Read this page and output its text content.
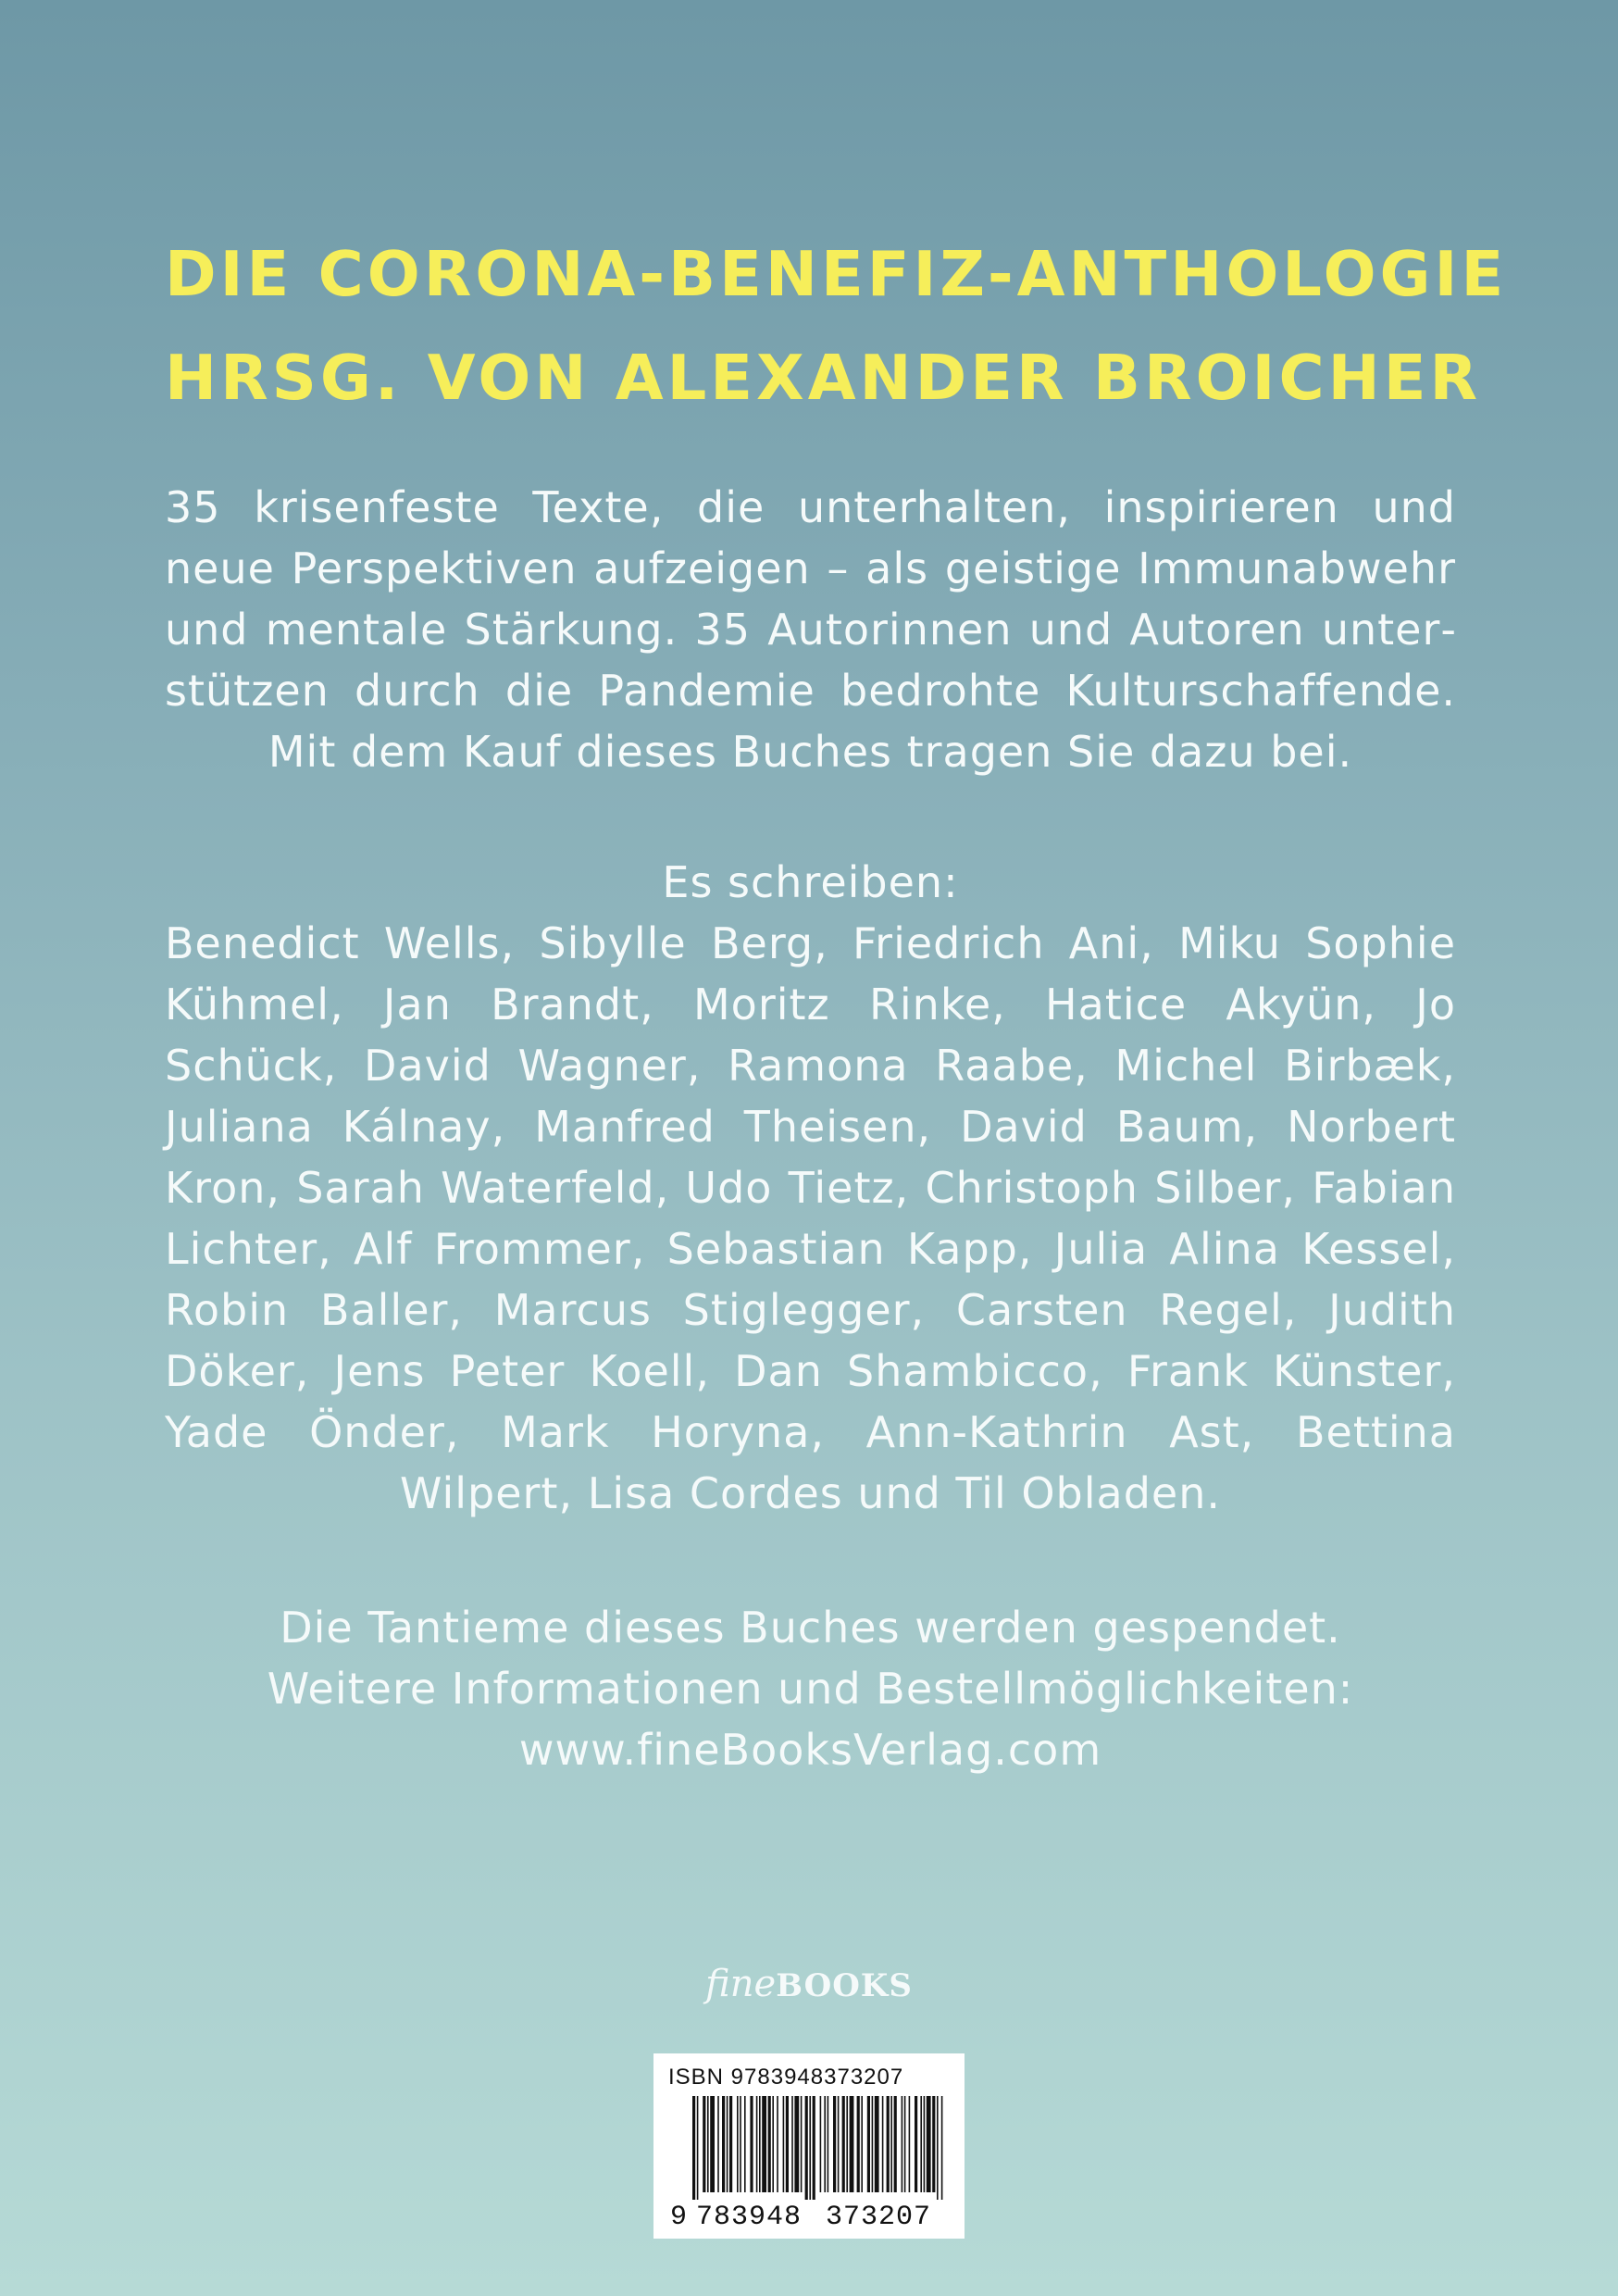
DIE CORONA-BENEFIZ-ANTHOLOGIE
HRSG. VON ALEXANDER BROICHER
35 krisenfeste Texte, die unterhalten, inspirieren und neue Perspektiven aufzeigen – als geistige Immunabwehr und mentale Stärkung. 35 Autorinnen und Autoren unterstützen durch die Pandemie bedrohte Kulturschaffende. Mit dem Kauf dieses Buches tragen Sie dazu bei.
Es schreiben:
Benedict Wells, Sibylle Berg, Friedrich Ani, Miku Sophie Kühmel, Jan Brandt, Moritz Rinke, Hatice Akyün, Jo Schück, David Wagner, Ramona Raabe, Michel Birbæk, Juliana Kálnay, Manfred Theisen, David Baum, Norbert Kron, Sarah Waterfeld, Udo Tietz, Christoph Silber, Fabian Lichter, Alf Frommer, Sebastian Kapp, Julia Alina Kessel, Robin Baller, Marcus Stiglegger, Carsten Regel, Judith Döker, Jens Peter Koell, Dan Shambicco, Frank Künster, Yade Önder, Mark Horyna, Ann-Kathrin Ast, Bettina Wilpert, Lisa Cordes und Til Obladen.
Die Tantieme dieses Buches werden gespendet.
Weitere Informationen und Bestellmöglichkeiten:
www.fineBooksVerlag.com
fineBOOKS
ISBN 9783948373207
9 783948 373207
